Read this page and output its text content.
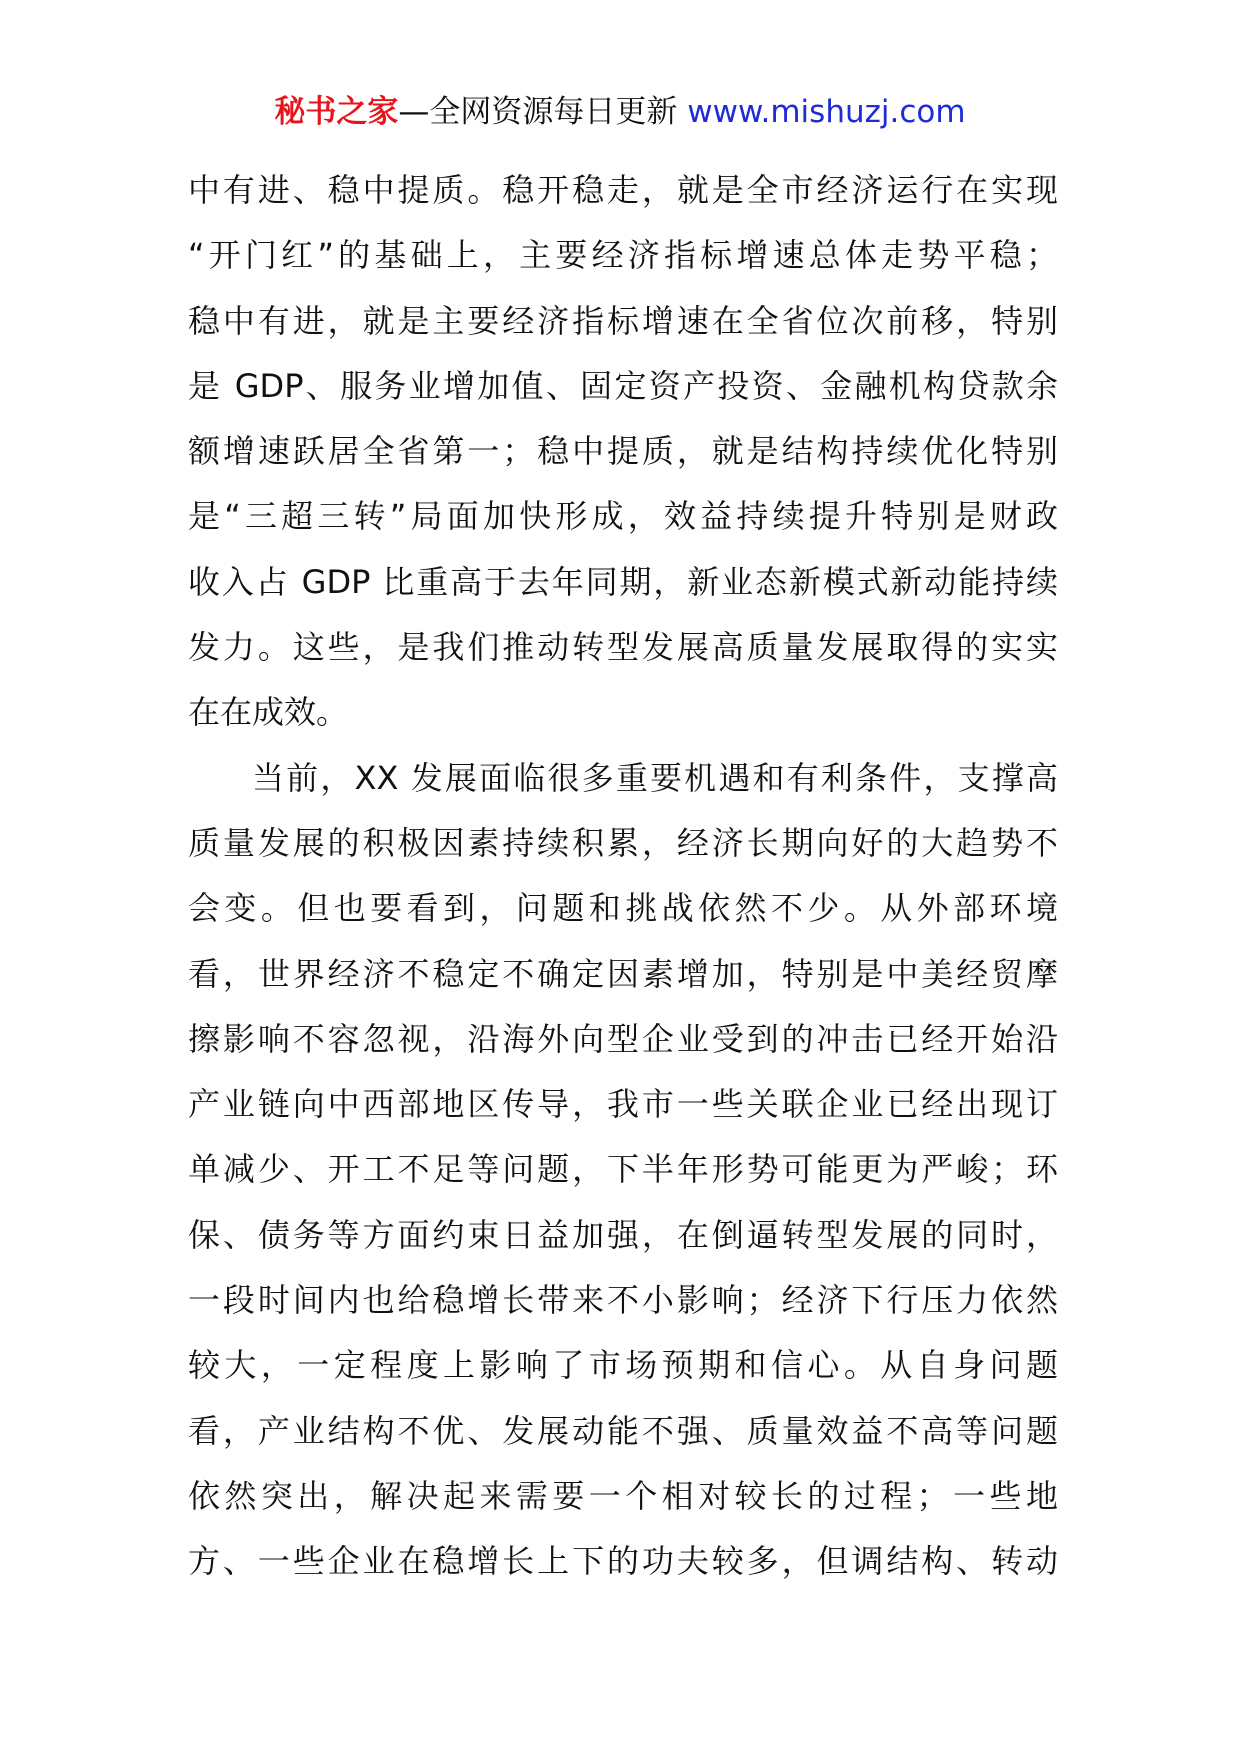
秘书之家—全网资源每日更新 www.mishuzj.com
中有进、稳中提质。稳开稳走，就是全市经济运行在实现
“开门红”的基础上，主要经济指标增速总体走势平稳；
稳中有进，就是主要经济指标增速在全省位次前移，特别
是 GDP、服务业增加值、固定资产投资、金融机构贷款余
额增速跃居全省第一；稳中提质，就是结构持续优化特别
是“三超三转”局面加快形成，效益持续提升特别是财政
收入占 GDP 比重高于去年同期，新业态新模式新动能持续
发力。这些，是我们推动转型发展高质量发展取得的实实
在在成效。
当前，XX 发展面临很多重要机遇和有利条件，支撑高
质量发展的积极因素持续积累，经济长期向好的大趋势不
会变。但也要看到，问题和挑战依然不少。从外部环境
看，世界经济不稳定不确定因素增加，特别是中美经贸摩
擦影响不容忽视，沿海外向型企业受到的冲击已经开始沿
产业链向中西部地区传导，我市一些关联企业已经出现订
单减少、开工不足等问题，下半年形势可能更为严峻；环
保、债务等方面约束日益加强，在倒逼转型发展的同时，
一段时间内也给稳增长带来不小影响；经济下行压力依然
较大，一定程度上影响了市场预期和信心。从自身问题
看，产业结构不优、发展动能不强、质量效益不高等问题
依然突出，解决起来需要一个相对较长的过程；一些地
方、一些企业在稳增长上下的功夫较多，但调结构、转动
